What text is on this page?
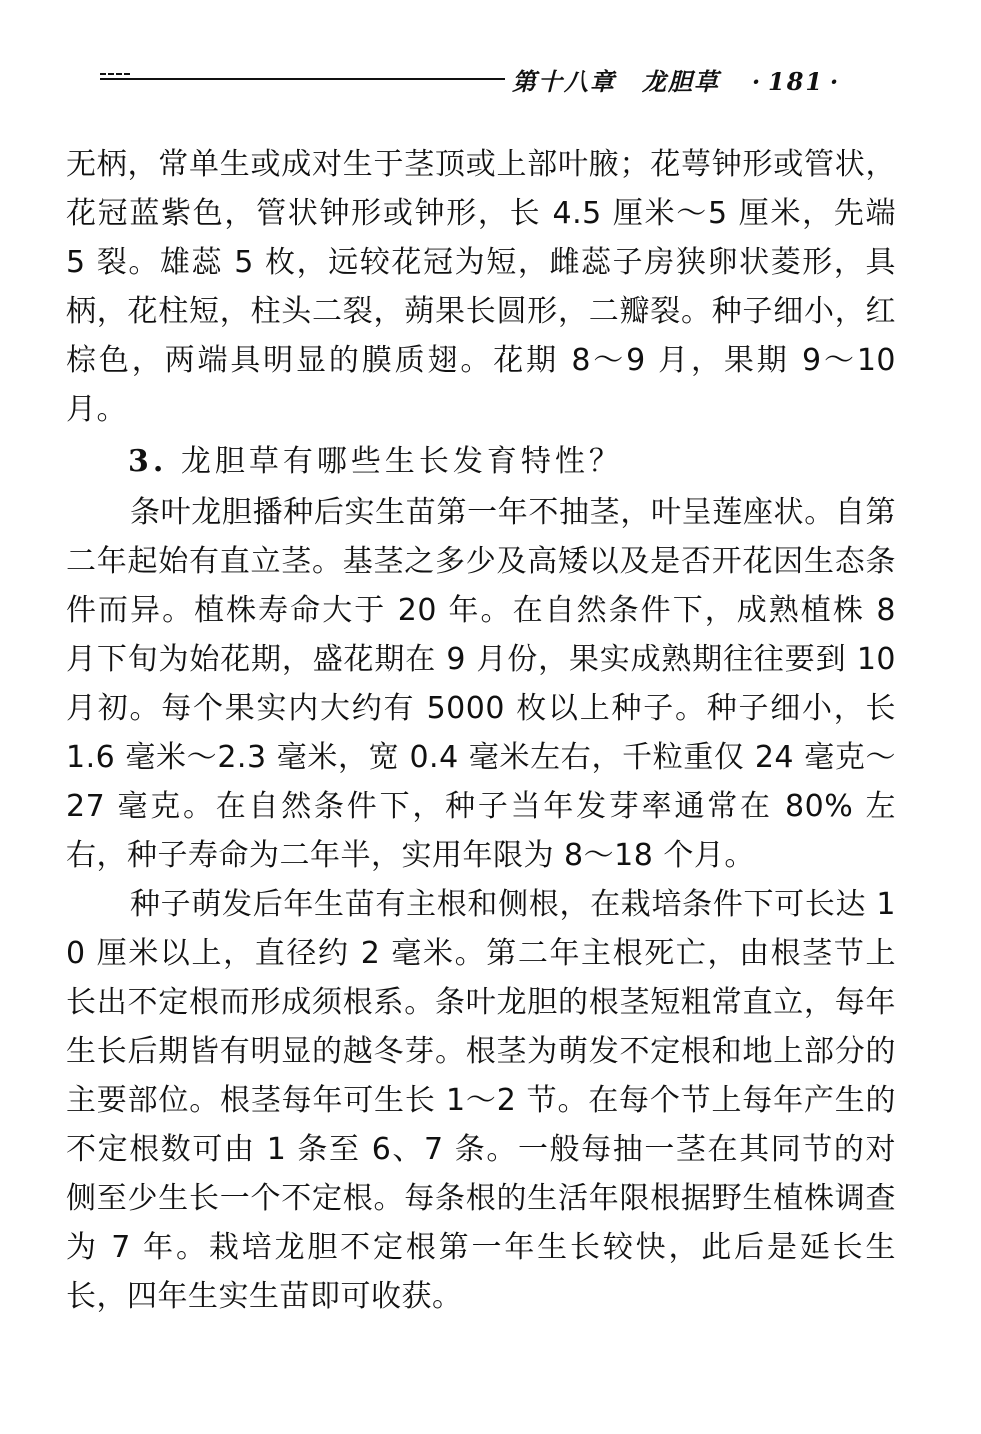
第十八章 龙胆草 · 181 ·

无柄，常单生或成对生于茎顶或上部叶腋；花萼钟形或管状，花冠蓝紫色，管状钟形或钟形，长 4.5 厘米～5 厘米，先端 5 裂。雄蕊 5 枚，远较花冠为短，雌蕊子房狭卵状菱形，具柄，花柱短，柱头二裂，蒴果长圆形，二瓣裂。种子细小，红棕色，两端具明显的膜质翅。花期 8～9 月，果期 9～10 月。

3. 龙胆草有哪些生长发育特性？

条叶龙胆播种后实生苗第一年不抽茎，叶呈莲座状。自第二年起始有直立茎。基茎之多少及高矮以及是否开花因生态条件而异。植株寿命大于 20 年。在自然条件下，成熟植株 8 月下旬为始花期，盛花期在 9 月份，果实成熟期往往要到 10 月初。每个果实内大约有 5000 枚以上种子。种子细小，长 1.6 毫米～2.3 毫米，宽 0.4 毫米左右，千粒重仅 24 毫克～27 毫克。在自然条件下，种子当年发芽率通常在 80% 左右，种子寿命为二年半，实用年限为 8～18 个月。

种子萌发后年生苗有主根和侧根，在栽培条件下可长达 10 厘米以上，直径约 2 毫米。第二年主根死亡，由根茎节上长出不定根而形成须根系。条叶龙胆的根茎短粗常直立，每年生长后期皆有明显的越冬芽。根茎为萌发不定根和地上部分的主要部位。根茎每年可生长 1～2 节。在每个节上每年产生的不定根数可由 1 条至 6、7 条。一般每抽一茎在其同节的对侧至少生长一个不定根。每条根的生活年限根据野生植株调查为 7 年。栽培龙胆不定根第一年生长较快，此后是延长生长，四年生实生苗即可收获。
